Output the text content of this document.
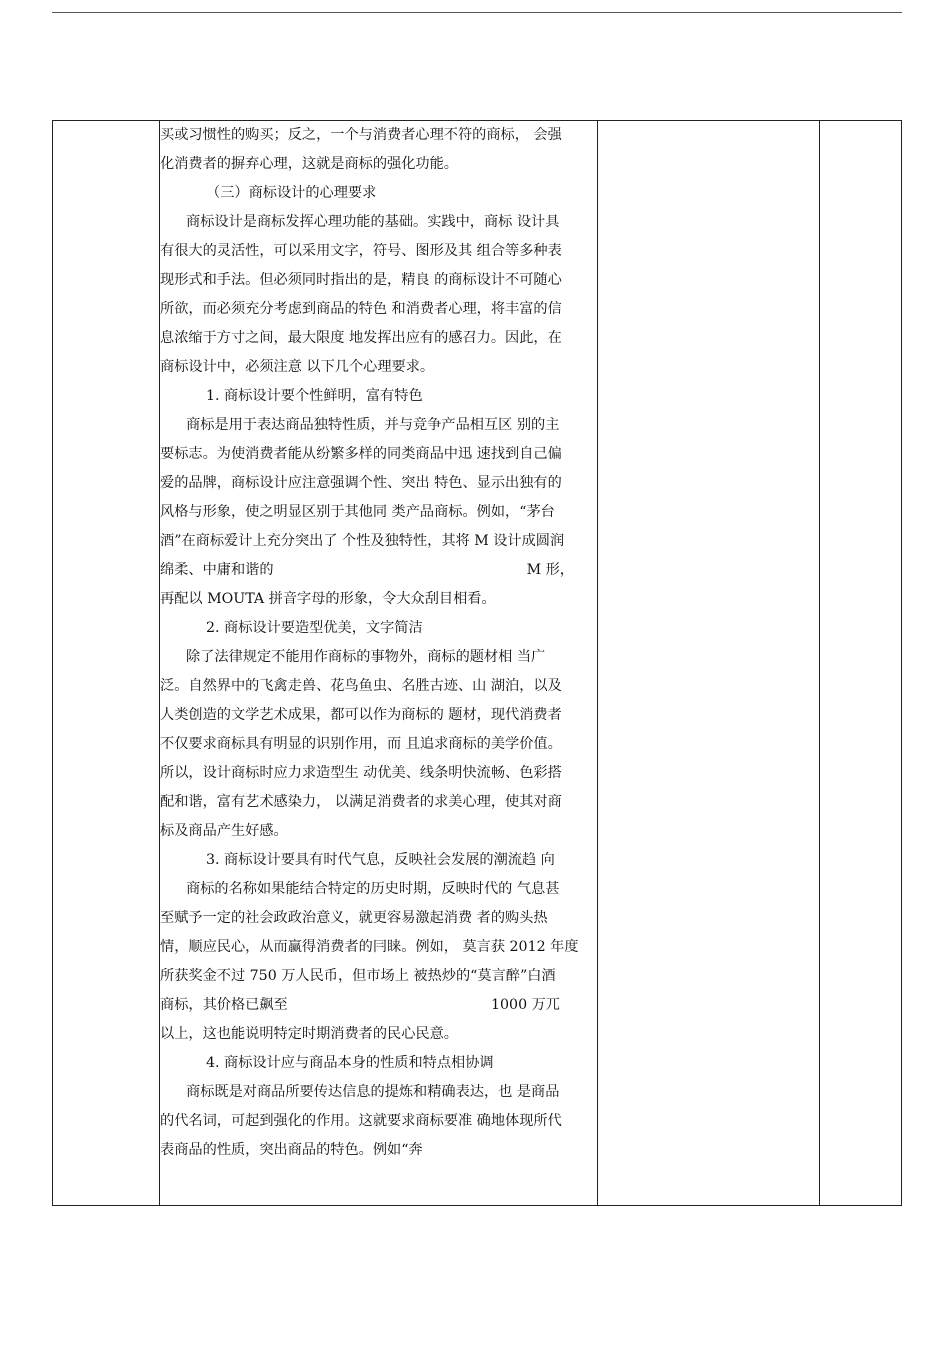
买或习惯性的购买；反之，一个与消费者心理不符的商标， 会强
化消费者的摒弃心理，这就是商标的强化功能。
（三）商标设计的心理要求
商标设计是商标发挥心理功能的基础。实践中，商标 设计具
有很大的灵活性，可以采用文字，符号、图形及其 组合等多种表
现形式和手法。但必须同时指出的是，精良 的商标设计不可随心
所欲，而必须充分考虑到商品的特色 和消费者心理，将丰富的信
息浓缩于方寸之间，最大限度 地发挥出应有的感召力。因此，在
商标设计中，必须注意 以下几个心理要求。
1. 商标设计要个性鲜明，富有特色
商标是用于表达商品独特性质，并与竞争产品相互区 别的主
要标志。为使消费者能从纷繁多样的同类商品中迅 速找到自己偏
爱的品牌，商标设计应注意强调个性、突出 特色、显示出独有的
风格与形象，使之明显区别于其他同 类产品商标。例如，“茅台
酒”在商标爱计上充分突出了 个性及独特性，其将 M 设计成圆润
绵柔、中庸和谐的	M 形，
再配以 MOUTA 拼音字母的形象，令大众刮目相看。
2. 商标设计要造型优美，文字简洁
除了法律规定不能用作商标的事物外，商标的题材相 当广
泛。自然界中的飞禽走兽、花鸟鱼虫、名胜古迹、山 湖泊，以及
人类创造的文学艺术成果，都可以作为商标的 题材，现代消费者
不仅要求商标具有明显的识别作用，而 且追求商标的美学价值。
所以，设计商标时应力求造型生 动优美、线条明快流畅、色彩搭
配和谐，富有艺术感染力， 以满足消费者的求美心理，使其对商
标及商品产生好感。
3. 商标设计要具有时代气息，反映社会发展的潮流趋 向
商标的名称如果能结合特定的历史时期，反映时代的 气息甚
至赋予一定的社会政政治意义，就更容易激起消费 者的购头热
情，顺应民心，从而赢得消费者的冃睐。例如， 莫言获 2012 年度
所获奖金不过 750 万人民币，但市场上 被热炒的“莫言醉”白酒
商标，其价格已飙至	1000 万兀
以上，这也能说明特定时期消费者的民心民意。
4. 商标设计应与商品本身的性质和特点相协调
商标既是对商品所要传达信息的提炼和精确表达，也 是商品
的代名词，可起到强化的作用。这就要求商标要准 确地体现所代
表商品的性质，突出商品的特色。例如“奔
